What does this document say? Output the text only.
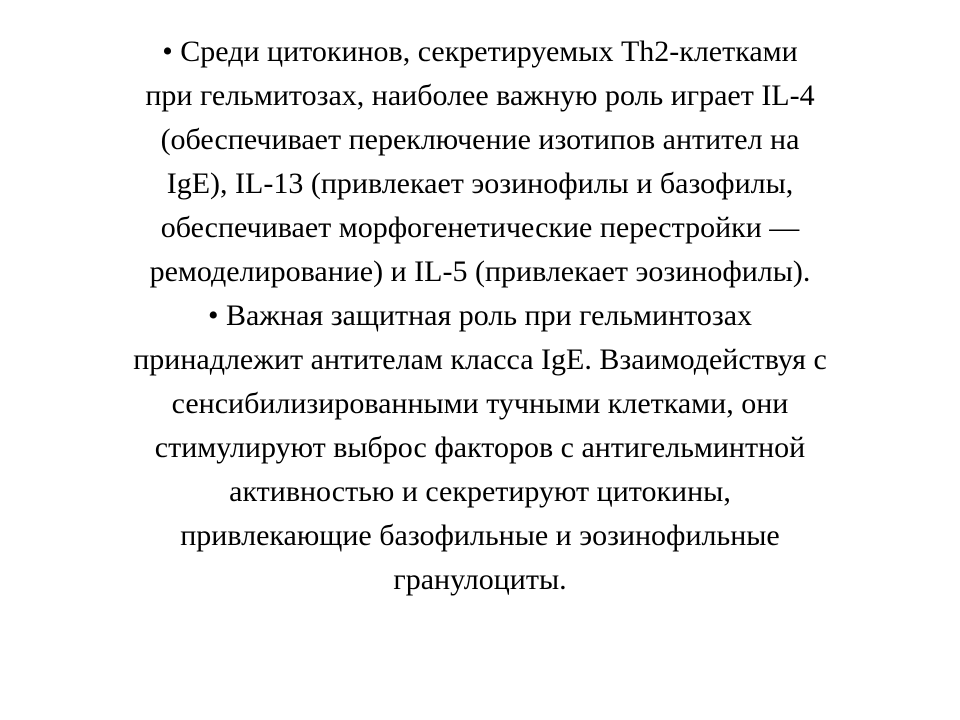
• Среди цитокинов, секретируемых Th2-клетками
при гельмитозах, наиболее важную роль играет IL-4
(обеспечивает переключение изотипов антител на
IgE), IL-13 (привлекает эозинофилы и базофилы,
обеспечивает морфогенетические перестройки —
ремоделирование) и IL-5 (привлекает эозинофилы).
• Важная защитная роль при гельминтозах
принадлежит антителам класса IgE. Взаимодействуя с
сенсибилизированными тучными клетками, они
стимулируют выброс факторов с антигельминтной
активностью и секретируют цитокины,
привлекающие базофильные и эозинофильные
гранулоциты.
